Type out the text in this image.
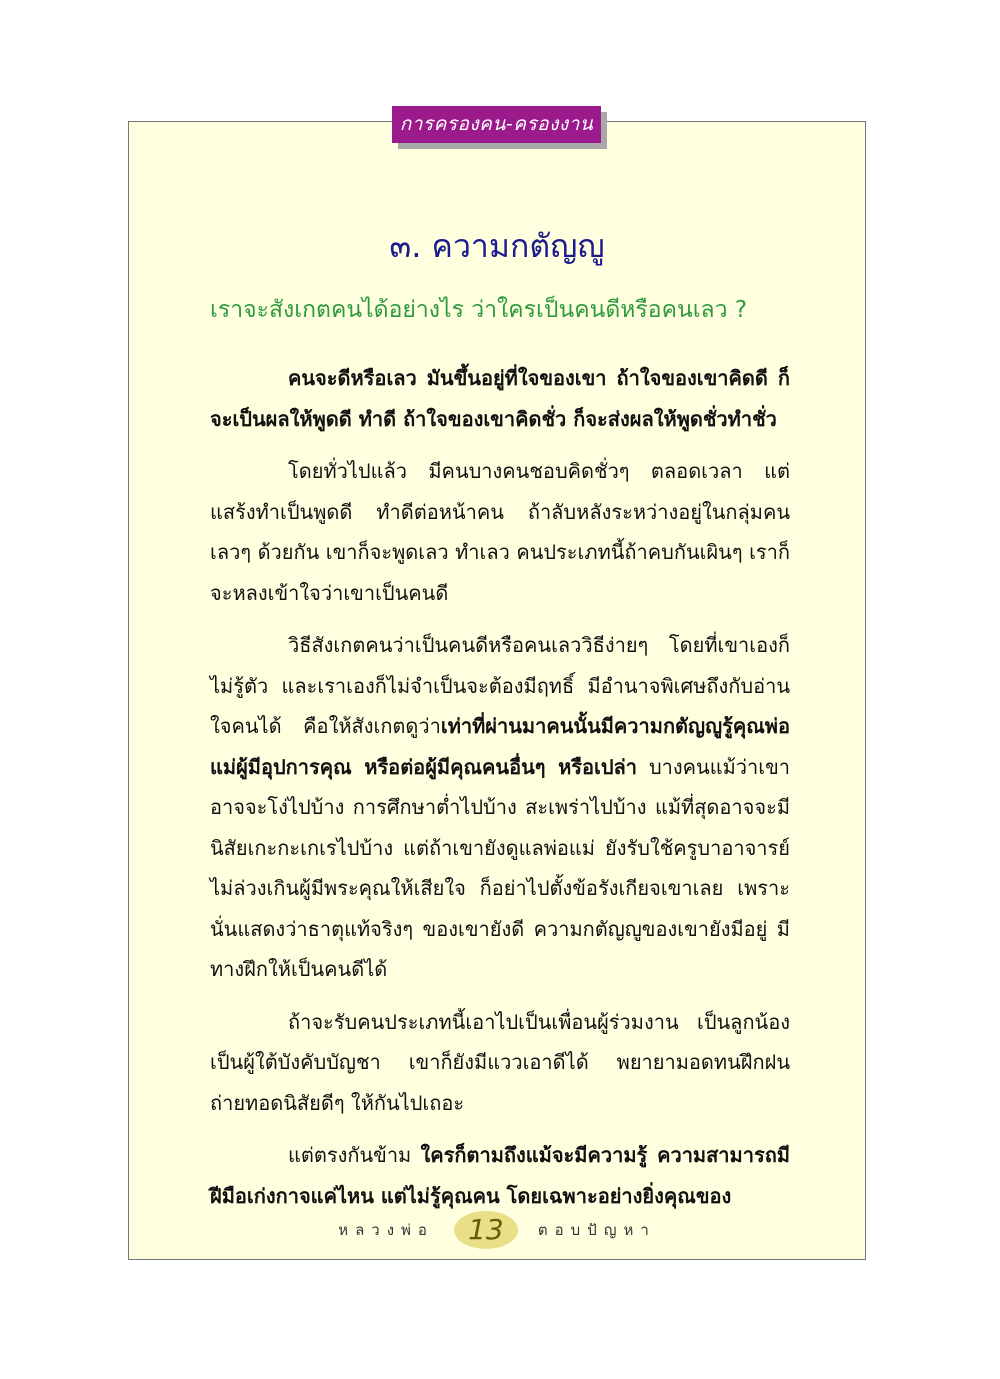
การครองคน-ครองงาน
๓. ความกตัญญู
เราจะสังเกตคนได้อย่างไร ว่าใครเป็นคนดีหรือคนเลว ?

คนจะดีหรือเลว มันขึ้นอยู่ที่ใจของเขา ถ้าใจของเขาคิดดี ก็จะเป็นผลให้พูดดี ทำดี ถ้าใจของเขาคิดชั่ว ก็จะส่งผลให้พูดชั่วทำชั่ว

โดยทั่วไปแล้ว มีคนบางคนชอบคิดชั่วๆ ตลอดเวลา แต่แสร้งทำเป็นพูดดี ทำดีต่อหน้าคน ถ้าลับหลังระหว่างอยู่ในกลุ่มคนเลวๆ ด้วยกัน เขาก็จะพูดเลว ทำเลว คนประเภทนี้ถ้าคบกันเผินๆ เราก็จะหลงเข้าใจว่าเขาเป็นคนดี

วิธีสังเกตคนว่าเป็นคนดีหรือคนเลววิธีง่ายๆ โดยที่เขาเองก็ไม่รู้ตัว และเราเองก็ไม่จำเป็นจะต้องมีฤทธิ์ มีอำนาจพิเศษถึงกับอ่านใจคนได้ คือให้สังเกตดูว่าเท่าที่ผ่านมาคนนั้นมีความกตัญญูรู้คุณพ่อแม่ผู้มีอุปการคุณ หรือต่อผู้มีคุณคนอื่นๆ หรือเปล่า บางคนแม้ว่าเขาอาจจะโง่ไปบ้าง การศึกษาต่ำไปบ้าง สะเพร่าไปบ้าง แม้ที่สุดอาจจะมีนิสัยเกะกะเกเรไปบ้าง แต่ถ้าเขายังดูแลพ่อแม่ ยังรับใช้ครูบาอาจารย์ ไม่ล่วงเกินผู้มีพระคุณให้เสียใจ ก็อย่าไปตั้งข้อรังเกียจเขาเลย เพราะนั่นแสดงว่าธาตุแท้จริงๆ ของเขายังดี ความกตัญญูของเขายังมีอยู่ มีทางฝึกให้เป็นคนดีได้

ถ้าจะรับคนประเภทนี้เอาไปเป็นเพื่อนผู้ร่วมงาน เป็นลูกน้อง เป็นผู้ใต้บังคับบัญชา เขาก็ยังมีแววเอาดีได้ พยายามอดทนฝึกฝนถ่ายทอดนิสัยดีๆ ให้กันไปเถอะ

แต่ตรงกันข้าม ใครก็ตามถึงแม้จะมีความรู้ ความสามารถมีฝีมือเก่งกาจแค่ไหน แต่ไม่รู้คุณคน โดยเฉพาะอย่างยิ่งคุณของ

หลวงพ่อ	13	ตอบปัญหา
